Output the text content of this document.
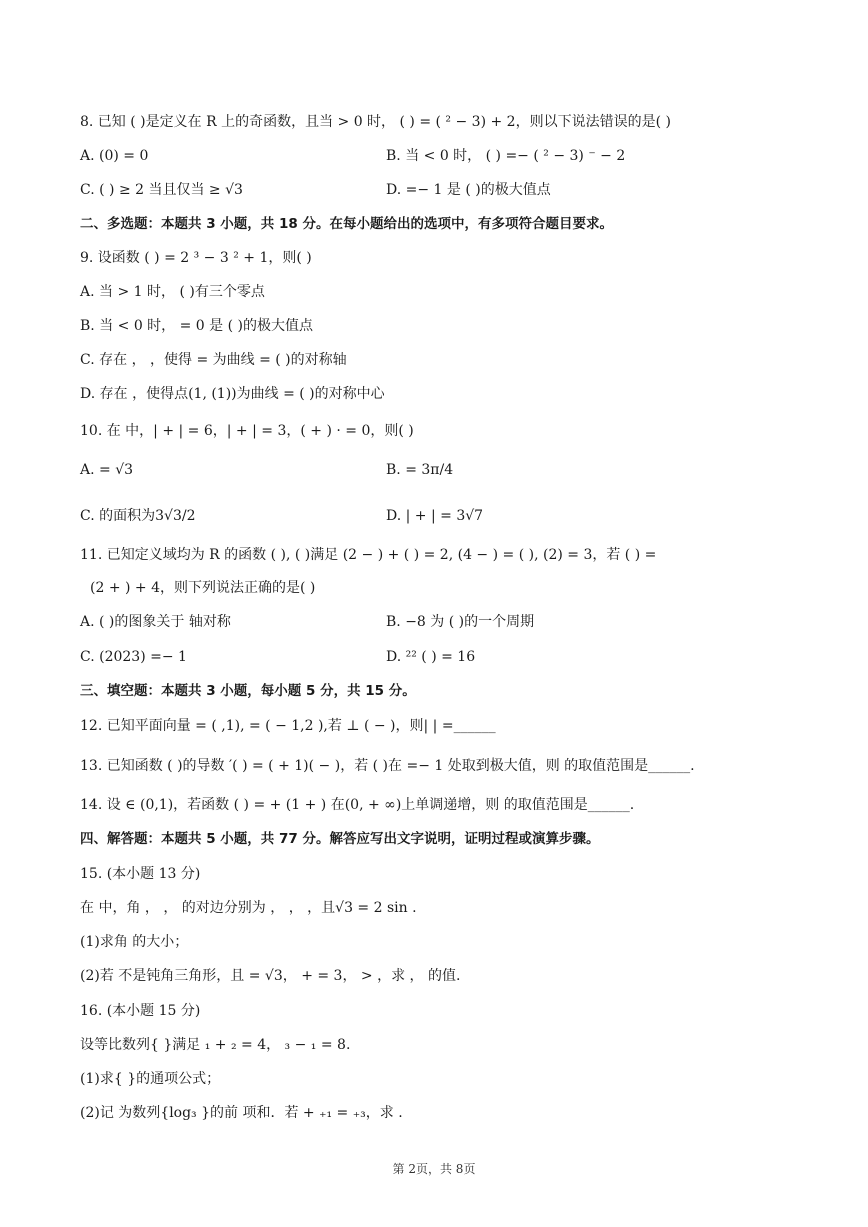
8. 已知 ( )是定义在 R 上的奇函数，且当 > 0 时， ( ) = ( ² − 3) + 2，则以下说法错误的是( )
A. (0) = 0	B. 当 < 0 时， ( ) =− ( ² − 3) ⁻ − 2
C. ( ) ≥ 2 当且仅当 ≥ √3	D. =− 1 是 ( )的极大值点
二、多选题：本题共 3 小题，共 18 分。在每小题给出的选项中，有多项符合题目要求。
9. 设函数 ( ) = 2 ³ − 3 ² + 1，则( )
A. 当 > 1 时， ( )有三个零点
B. 当 < 0 时， = 0 是 ( )的极大值点
C. 存在 ， ，使得 = 为曲线 = ( )的对称轴
D. 存在 ，使得点(1, (1))为曲线 = ( )的对称中心
10. 在 中，| + | = 6，| + | = 3，( + ) · = 0，则( )
A. = √3	B. = 3π/4
C. 的面积为3√3/2	D. | + | = 3√7
11. 已知定义域均为 R 的函数 ( ), ( )满足 (2 − ) + ( ) = 2, (4 − ) = ( ), (2) = 3，若 ( ) =
(2 + ) + 4，则下列说法正确的是( )
A. ( )的图象关于 轴对称	B. −8 为 ( )的一个周期
C. (2023) =− 1	D. ²² ( ) = 16
三、填空题：本题共 3 小题，每小题 5 分，共 15 分。
12. 已知平面向量 = ( ,1), = ( − 1,2 ),若 ⊥ ( − )，则| | =______
13. 已知函数 ( )的导数 ′( ) = ( + 1)( − )，若 ( )在 =− 1 处取到极大值，则 的取值范围是______.
14. 设 ∈ (0,1)，若函数 ( ) = + (1 + ) 在(0, + ∞)上单调递增，则 的取值范围是______.
四、解答题：本题共 5 小题，共 77 分。解答应写出文字说明，证明过程或演算步骤。
15. (本小题 13 分)
在 中，角 ， ， 的对边分别为 ， ， ，且√3 = 2 sin .
(1)求角 的大小；
(2)若 不是钝角三角形，且 = √3， + = 3， > ，求 ， 的值.
16. (本小题 15 分)
设等比数列{ }满足 ₁ + ₂ = 4， ₃ − ₁ = 8.
(1)求{ }的通项公式；
(2)记 为数列{log₃ }的前 项和．若 + ₊₁ = ₊₃，求 .
第 2页，共 8页
